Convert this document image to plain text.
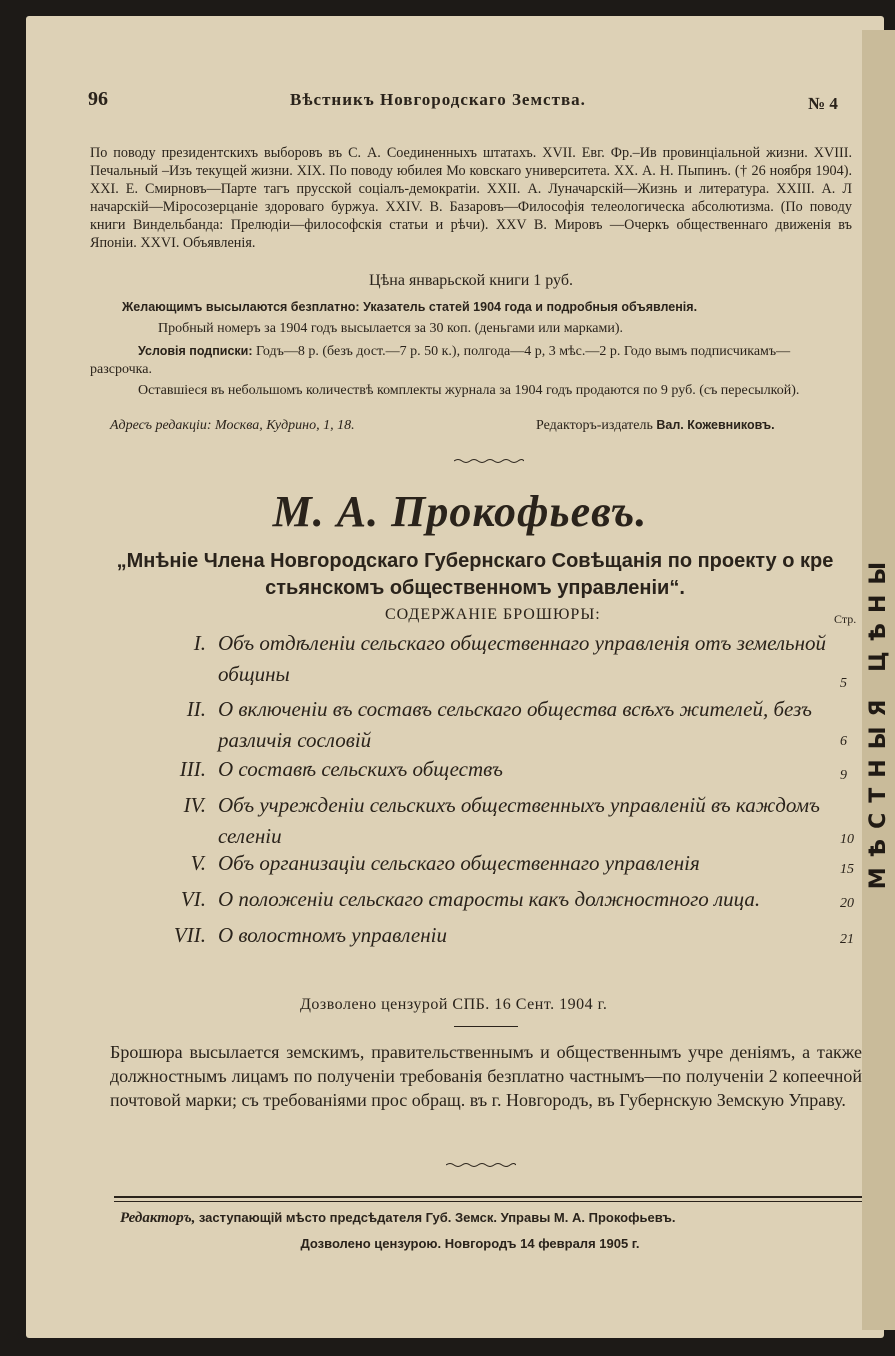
МѢСТНЫЯ ЦѢНЫ
96	Вѣстникъ Новгородскаго Земства.	№ 4
По поводу президентскихъ выборовъ въ С. А. Соединенныхъ штатахъ. XVII. Евг. Фр.–Ив провинціальной жизни. XVIII. Печальный –Изъ текущей жизни. XIX. По поводу юбилея Мо ковскаго университета. XX. А. Н. Пыпинъ. († 26 ноября 1904). XXI. Е. Смирновъ—Парте тагъ прусской соціалъ-демократіи. XXII. А. Луначарскій—Жизнь и литература. XXIII. А. Л начарскій—Міросозерцаніе здороваго буржуа. XXIV. В. Базаровъ—Философія телеологическа абсолютизма. (По поводу книги Виндельбанда: Прелюдіи—философскія статьи и рѣчи). XXV В. Мировъ —Очеркъ общественнаго движенія въ Японіи. XXVI. Объявленія.
Цѣна январьской книги 1 руб.
Желающимъ высылаются безплатно: Указатель статей 1904 года и подробныя объявленія.
Пробный номеръ за 1904 годъ высылается за 30 коп. (деньгами или марками).
Условія подписки: Годъ—8 р. (безъ дост.—7 р. 50 к.), полгода—4 р, 3 мѣс.—2 р. Годо вымъ подписчикамъ—разсрочка.
Оставшіеся въ небольшомъ количествѣ комплекты журнала за 1904 годъ продаются по 9 руб. (съ пересылкой).
Адресъ редакціи: Москва, Кудрино, 1, 18.	Редакторъ-издатель Вал. Кожевниковъ.
М. А. Прокофьевъ.
„Мнѣніе Члена Новгородскаго Губернскаго Совѣщанія по проекту о кре стьянскомъ общественномъ управленіи“.
СОДЕРЖАНІЕ БРОШЮРЫ:	Стр.
I. Объ отдѣленіи сельскаго общественнаго управленія отъ земельной общины	5
II. О включеніи въ составъ сельскаго общества всѣхъ жителей, безъ различія сословій	6
III. О составѣ сельскихъ обществъ	9
IV. Объ учрежденіи сельскихъ общественныхъ управленій въ каждомъ селеніи	10
V. Объ организаціи сельскаго общественнаго управленія	15
VI. О положеніи сельскаго старосты какъ должностного лица.	20
VII. О волостномъ управленіи	21
Дозволено цензурой СПБ. 16 Сент. 1904 г.
Брошюра высылается земскимъ, правительственнымъ и общественнымъ учре деніямъ, а также должностнымъ лицамъ по полученіи требованія безплатно частнымъ—по полученіи 2 копеечной почтовой марки; съ требованіями прос обращ. въ г. Новгородъ, въ Губернскую Земскую Управу.
Редакторъ, заступающій мѣсто предсѣдателя Губ. Земск. Управы М. А. Прокофьевъ.
Дозволено цензурою. Новгородъ 14 февраля 1905 г.
